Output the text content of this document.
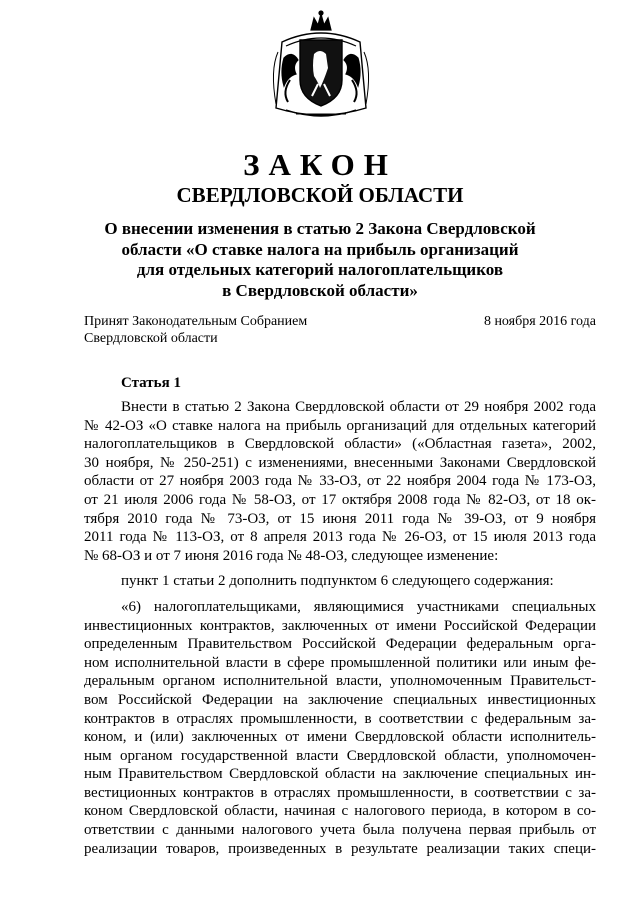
ЗАКОН
СВЕРДЛОВСКОЙ ОБЛАСТИ
О внесении изменения в статью 2 Закона Свердловской
области «О ставке налога на прибыль организаций
для отдельных категорий налогоплательщиков
в Свердловской области»
Принят Законодательным Собранием
Свердловской области
8 ноября 2016 года
Статья 1
Внести в статью 2 Закона Свердловской области от 29 ноября 2002 года
№ 42-ОЗ «О ставке налога на прибыль организаций для отдельных категорий
налогоплательщиков в Свердловской области» («Областная газета», 2002,
30 ноября, № 250-251) с изменениями, внесенными Законами Свердловской
области от 27 ноября 2003 года № 33-ОЗ, от 22 ноября 2004 года № 173-ОЗ,
от 21 июля 2006 года № 58-ОЗ, от 17 октября 2008 года № 82-ОЗ, от 18 ок-
тября 2010 года № 73-ОЗ, от 15 июня 2011 года № 39-ОЗ, от 9 ноября
2011 года № 113-ОЗ, от 8 апреля 2013 года № 26-ОЗ, от 15 июля 2013 года
№ 68-ОЗ и от 7 июня 2016 года № 48-ОЗ, следующее изменение:
пункт 1 статьи 2 дополнить подпунктом 6 следующего содержания:
«6) налогоплательщиками, являющимися участниками специальных
инвестиционных контрактов, заключенных от имени Российской Федерации
определенным Правительством Российской Федерации федеральным орга-
ном исполнительной власти в сфере промышленной политики или иным фе-
деральным органом исполнительной власти, уполномоченным Правительст-
вом Российской Федерации на заключение специальных инвестиционных
контрактов в отраслях промышленности, в соответствии с федеральным за-
коном, и (или) заключенных от имени Свердловской области исполнитель-
ным органом государственной власти Свердловской области, уполномочен-
ным Правительством Свердловской области на заключение специальных ин-
вестиционных контрактов в отраслях промышленности, в соответствии с за-
коном Свердловской области, начиная с налогового периода, в котором в со-
ответствии с данными налогового учета была получена первая прибыль от
реализации товаров, произведенных в результате реализации таких специ-
